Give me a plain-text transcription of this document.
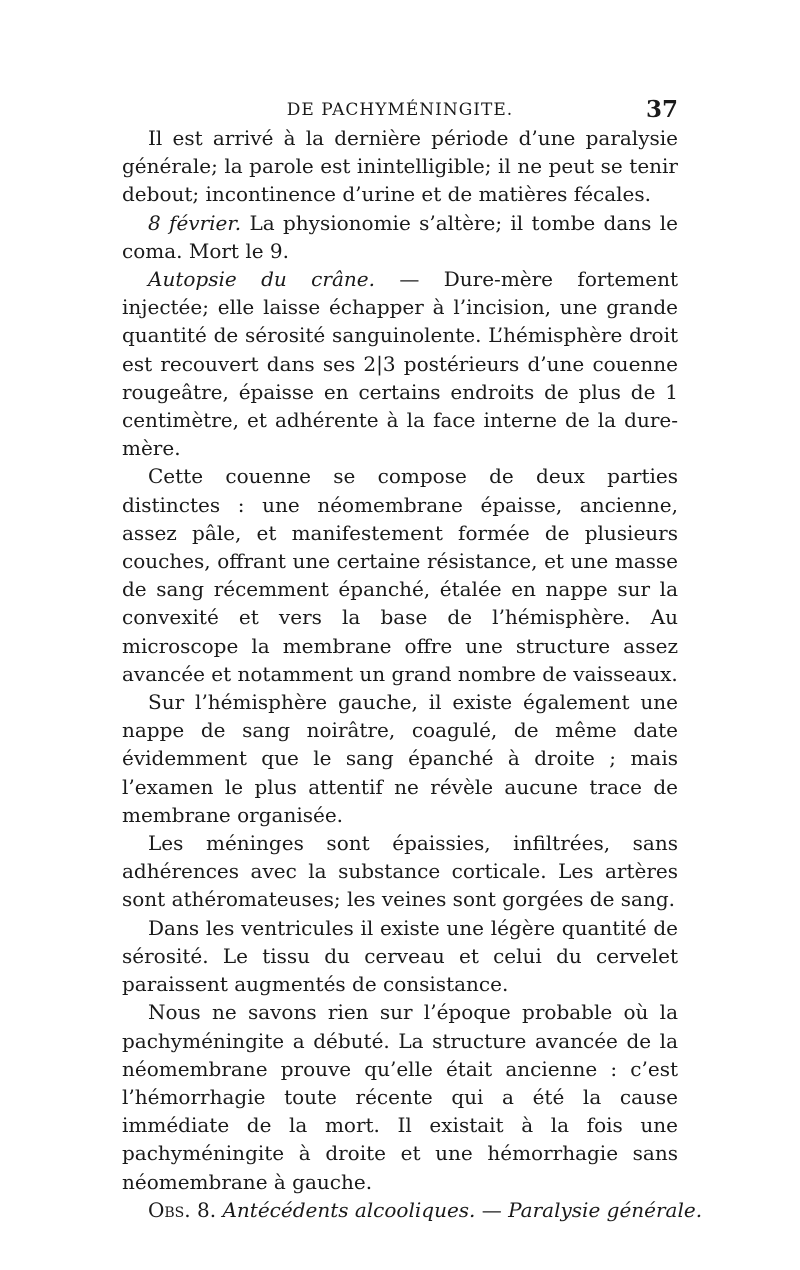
DE PACHYMÉNINGITE.	37

Il est arrivé à la dernière période d’une paralysie générale; la parole est inintelligible; il ne peut se tenir debout; incontinence d’urine et de matières fécales.

8 février. La physionomie s’altère; il tombe dans le coma. Mort le 9.

Autopsie du crâne. — Dure-mère fortement injectée; elle laisse échapper à l’incision, une grande quantité de sérosité sanguinolente. L’hémisphère droit est recouvert dans ses 2|3 postérieurs d’une couenne rougeâtre, épaisse en certains endroits de plus de 1 centimètre, et adhérente à la face interne de la dure-mère.

Cette couenne se compose de deux parties distinctes : une néomembrane épaisse, ancienne, assez pâle, et manifestement formée de plusieurs couches, offrant une certaine résistance, et une masse de sang récemment épanché, étalée en nappe sur la convexité et vers la base de l’hémisphère. Au microscope la membrane offre une structure assez avancée et notamment un grand nombre de vaisseaux.

Sur l’hémisphère gauche, il existe également une nappe de sang noirâtre, coagulé, de même date évidemment que le sang épanché à droite ; mais l’examen le plus attentif ne révèle aucune trace de membrane organisée.

Les méninges sont épaissies, infiltrées, sans adhérences avec la substance corticale. Les artères sont athéromateuses; les veines sont gorgées de sang.

Dans les ventricules il existe une légère quantité de sérosité. Le tissu du cerveau et celui du cervelet paraissent augmentés de consistance.

Nous ne savons rien sur l’époque probable où la pachyméningite a débuté. La structure avancée de la néomembrane prouve qu’elle était ancienne : c’est l’hémorrhagie toute récente qui a été la cause immédiate de la mort. Il existait à la fois une pachyméningite à droite et une hémorrhagie sans néomembrane à gauche.

Obs. 8. Antécédents alcooliques. — Paralysie générale.
